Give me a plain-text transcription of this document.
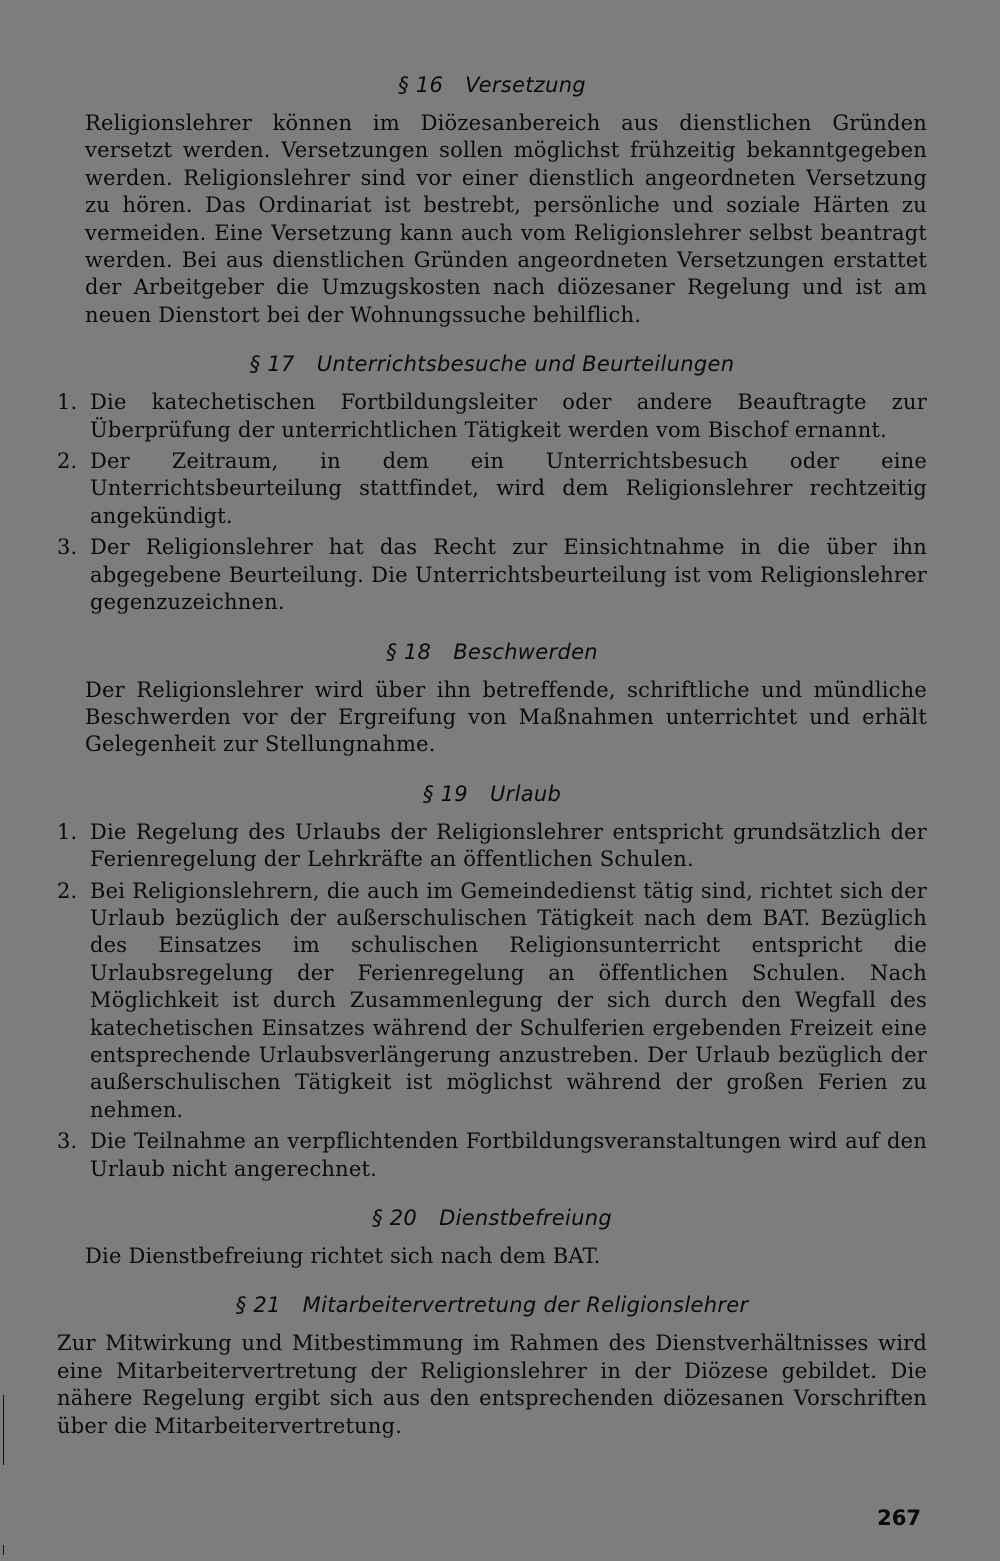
§ 16 Versetzung

Religionslehrer können im Diözesanbereich aus dienstlichen Gründen versetzt werden. Versetzungen sollen möglichst frühzeitig bekanntgegeben werden. Religionslehrer sind vor einer dienstlich angeordneten Versetzung zu hören. Das Ordinariat ist bestrebt, persönliche und soziale Härten zu vermeiden. Eine Versetzung kann auch vom Religionslehrer selbst beantragt werden. Bei aus dienstlichen Gründen angeordneten Versetzungen erstattet der Arbeitgeber die Umzugskosten nach diözesaner Regelung und ist am neuen Dienstort bei der Wohnungssuche behilflich.

§ 17 Unterrichtsbesuche und Beurteilungen
1. Die katechetischen Fortbildungsleiter oder andere Beauftragte zur Überprüfung der unterrichtlichen Tätigkeit werden vom Bischof ernannt.
2. Der Zeitraum, in dem ein Unterrichtsbesuch oder eine Unterrichtsbeurteilung stattfindet, wird dem Religionslehrer rechtzeitig angekündigt.
3. Der Religionslehrer hat das Recht zur Einsichtnahme in die über ihn abgegebene Beurteilung. Die Unterrichtsbeurteilung ist vom Religionslehrer gegenzuzeichnen.
§ 18 Beschwerden

Der Religionslehrer wird über ihn betreffende, schriftliche und mündliche Beschwerden vor der Ergreifung von Maßnahmen unterrichtet und erhält Gelegenheit zur Stellungnahme.

§ 19 Urlaub
1. Die Regelung des Urlaubs der Religionslehrer entspricht grundsätzlich der Ferienregelung der Lehrkräfte an öffentlichen Schulen.
2. Bei Religionslehrern, die auch im Gemeindedienst tätig sind, richtet sich der Urlaub bezüglich der außerschulischen Tätigkeit nach dem BAT. Bezüglich des Einsatzes im schulischen Religionsunterricht entspricht die Urlaubsregelung der Ferienregelung an öffentlichen Schulen. Nach Möglichkeit ist durch Zusammenlegung der sich durch den Wegfall des katechetischen Einsatzes während der Schulferien ergebenden Freizeit eine entsprechende Urlaubsverlängerung anzustreben. Der Urlaub bezüglich der außerschulischen Tätigkeit ist möglichst während der großen Ferien zu nehmen.
3. Die Teilnahme an verpflichtenden Fortbildungsveranstaltungen wird auf den Urlaub nicht angerechnet.
§ 20 Dienstbefreiung

Die Dienstbefreiung richtet sich nach dem BAT.

§ 21 Mitarbeitervertretung der Religionslehrer

Zur Mitwirkung und Mitbestimmung im Rahmen des Dienstverhältnisses wird eine Mitarbeitervertretung der Religionslehrer in der Diözese gebildet. Die nähere Regelung ergibt sich aus den entsprechenden diözesanen Vorschriften über die Mitarbeitervertretung.

267
